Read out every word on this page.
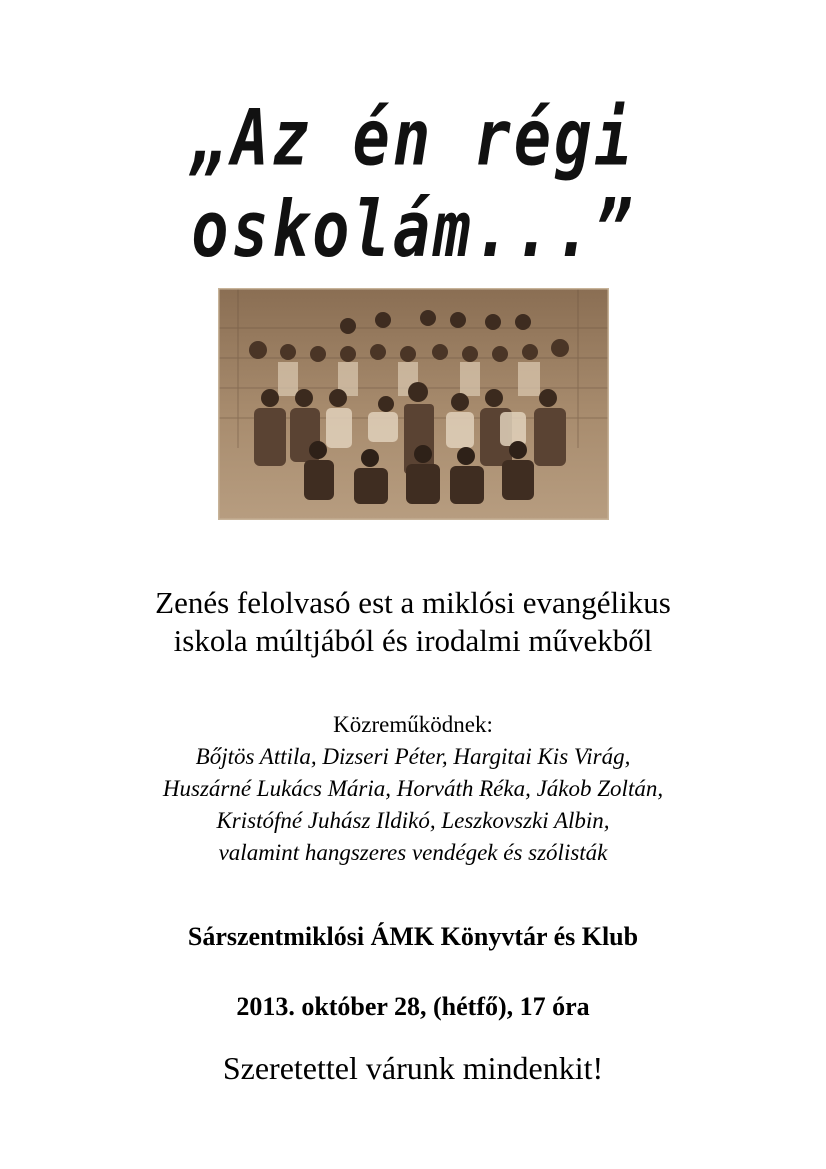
„Az én régi oskolám...”
Zenés felolvasó est a miklósi evangélikus
iskola múltjából és irodalmi művekből
Közreműködnek:
Bőjtös Attila, Dizseri Péter, Hargitai Kis Virág,
Huszárné Lukács Mária, Horváth Réka, Jákob Zoltán,
Kristófné Juhász Ildikó, Leszkovszki Albin,
valamint hangszeres vendégek és szólisták
Sárszentmiklósi ÁMK Könyvtár és Klub
2013. október 28, (hétfő), 17 óra
Szeretettel várunk mindenkit!
